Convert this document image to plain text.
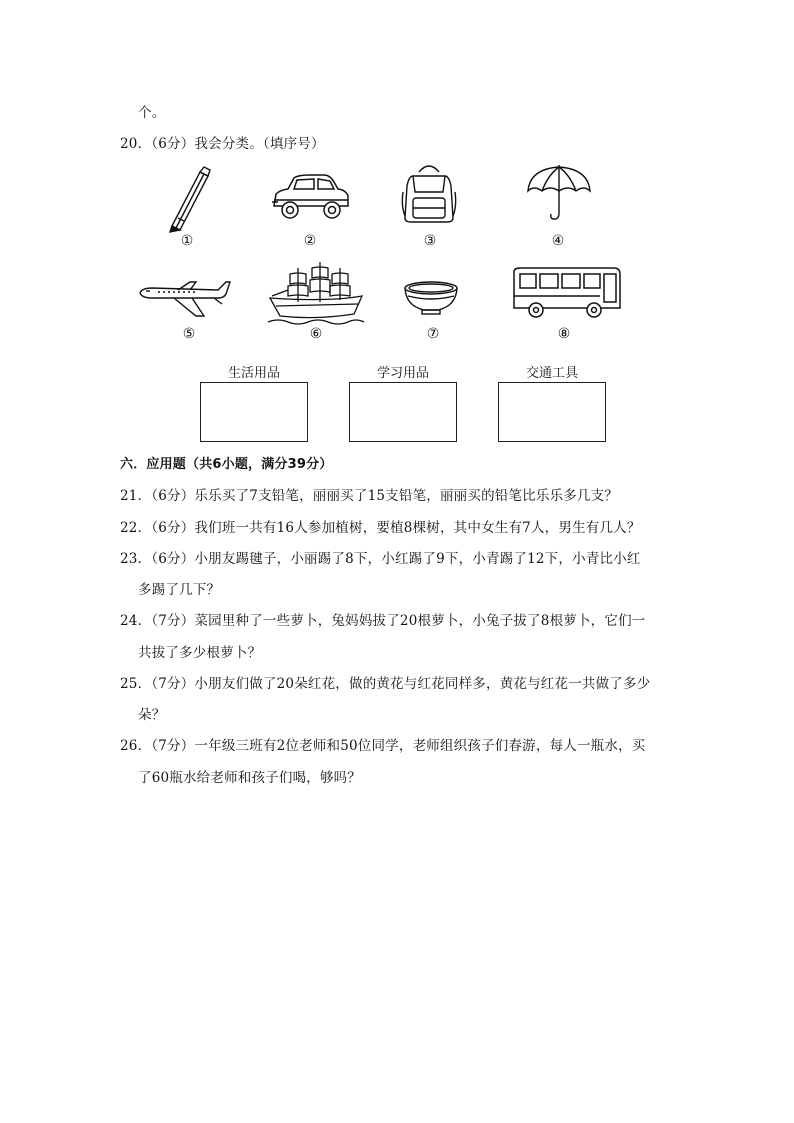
个。
20．（6分）我会分类。（填序号）
①	②	③	④
⑤	⑥	⑦	⑧
生活用品	学习用品	交通工具
六．应用题（共6小题，满分39分）
21．（6分）乐乐买了7支铅笔，丽丽买了15支铅笔，丽丽买的铅笔比乐乐多几支？
22．（6分）我们班一共有16人参加植树，要植8棵树，其中女生有7人，男生有几人？
23．（6分）小朋友踢毽子，小丽踢了8下，小红踢了9下，小青踢了12下，小青比小红
多踢了几下？
24．（7分）菜园里种了一些萝卜，兔妈妈拔了20根萝卜，小兔子拔了8根萝卜，它们一
共拔了多少根萝卜？
25．（7分）小朋友们做了20朵红花，做的黄花与红花同样多，黄花与红花一共做了多少
朵？
26．（7分）一年级三班有2位老师和50位同学，老师组织孩子们春游，每人一瓶水，买
了60瓶水给老师和孩子们喝，够吗？
